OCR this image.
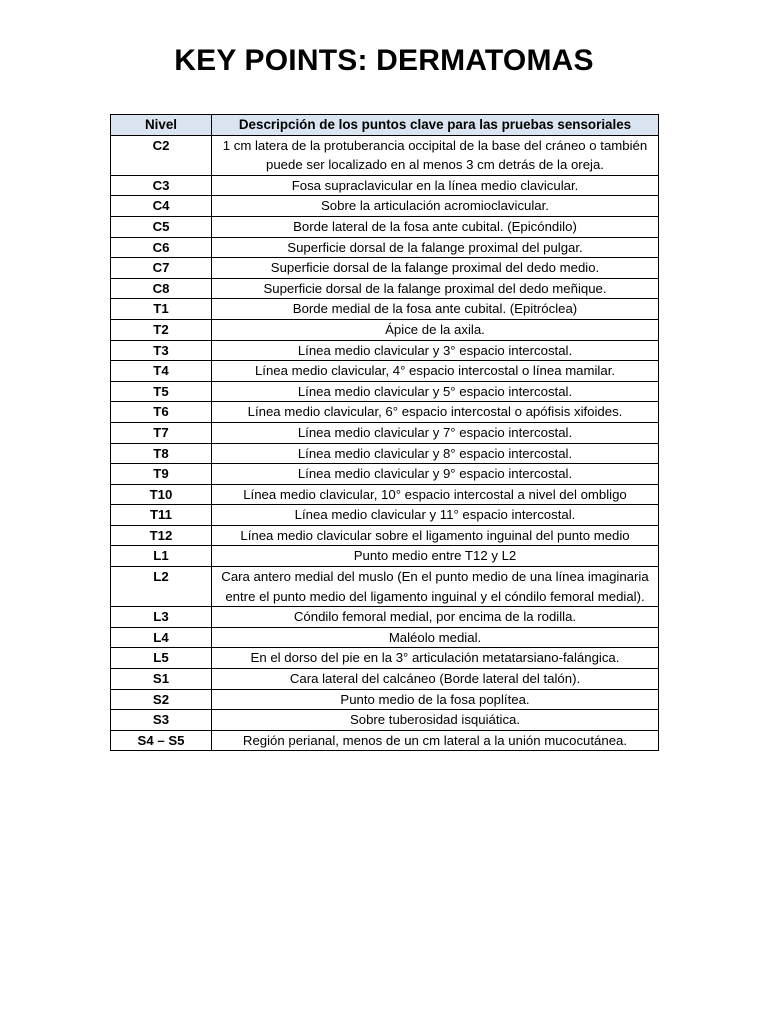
KEY POINTS: DERMATOMAS
Nivel	Descripción de los puntos clave para las pruebas sensoriales
C2	1 cm latera de la protuberancia occipital de la base del cráneo o también puede ser localizado en al menos 3 cm detrás de la oreja.
C3	Fosa supraclavicular en la línea medio clavicular.
C4	Sobre la articulación acromioclavicular.
C5	Borde lateral de la fosa ante cubital. (Epicóndilo)
C6	Superficie dorsal de la falange proximal del pulgar.
C7	Superficie dorsal de la falange proximal del dedo medio.
C8	Superficie dorsal de la falange proximal del dedo meñique.
T1	Borde medial de la fosa ante cubital. (Epitróclea)
T2	Ápice de la axila.
T3	Línea medio clavicular y 3° espacio intercostal.
T4	Línea medio clavicular, 4° espacio intercostal o línea mamilar.
T5	Línea medio clavicular y 5° espacio intercostal.
T6	Línea medio clavicular, 6° espacio intercostal o apófisis xifoides.
T7	Línea medio clavicular y 7° espacio intercostal.
T8	Línea medio clavicular y 8° espacio intercostal.
T9	Línea medio clavicular y 9° espacio intercostal.
T10	Línea medio clavicular, 10° espacio intercostal a nivel del ombligo
T11	Línea medio clavicular y 11° espacio intercostal.
T12	Línea medio clavicular sobre el ligamento inguinal del punto medio
L1	Punto medio entre T12 y L2
L2	Cara antero medial del muslo (En el punto medio de una línea imaginaria entre el punto medio del ligamento inguinal y el cóndilo femoral medial).
L3	Cóndilo femoral medial, por encima de la rodilla.
L4	Maléolo medial.
L5	En el dorso del pie en la 3° articulación metatarsiano-falángica.
S1	Cara lateral del calcáneo (Borde lateral del talón).
S2	Punto medio de la fosa poplítea.
S3	Sobre tuberosidad isquiática.
S4 – S5	Región perianal, menos de un cm lateral a la unión mucocutánea.
